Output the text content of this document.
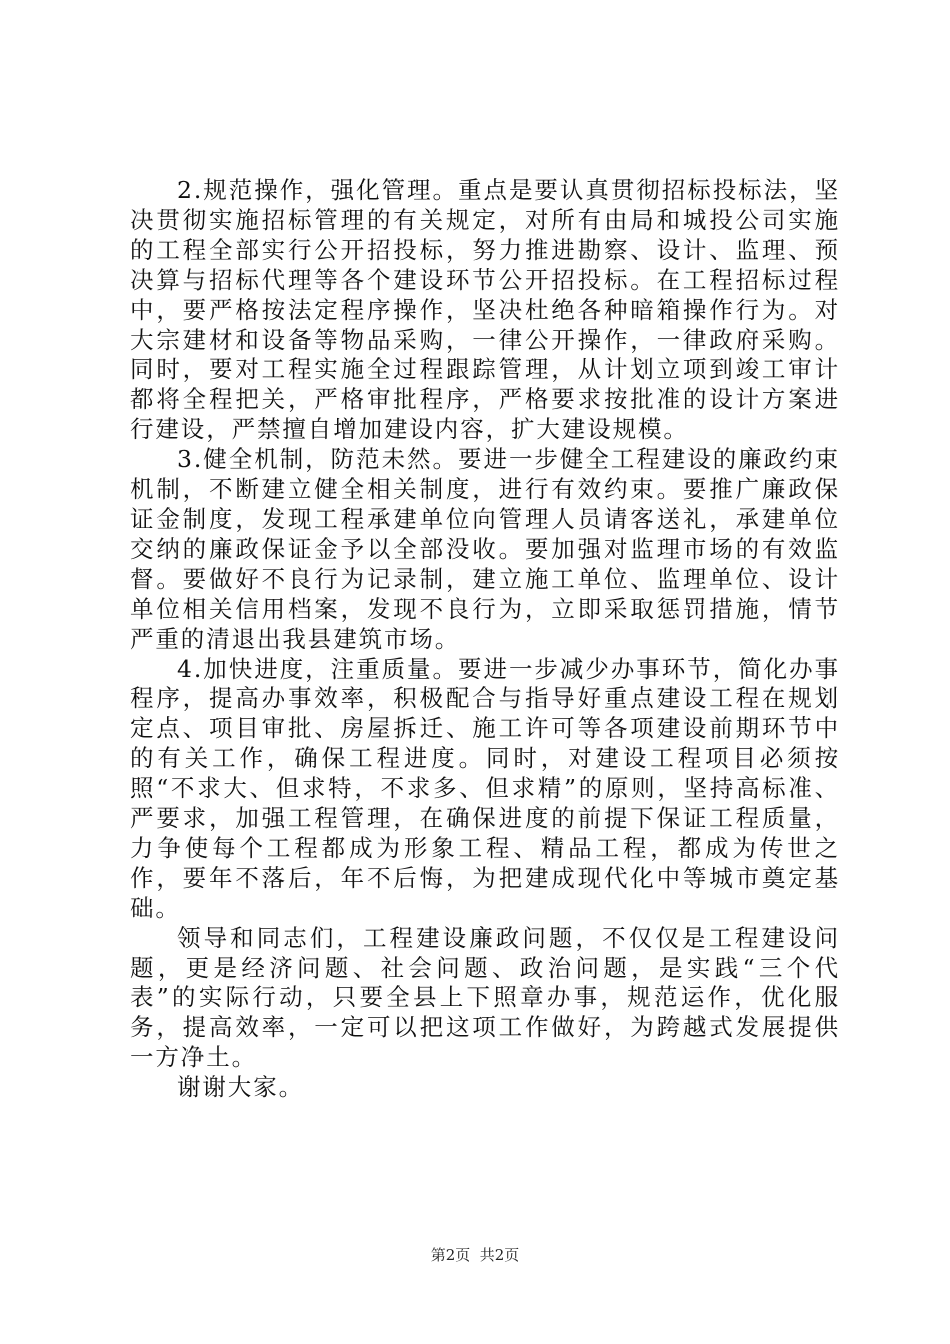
2.规范操作，强化管理。重点是要认真贯彻招标投标法，坚决贯彻实施招标管理的有关规定，对所有由局和城投公司实施的工程全部实行公开招投标，努力推进勘察、设计、监理、预决算与招标代理等各个建设环节公开招投标。在工程招标过程中，要严格按法定程序操作，坚决杜绝各种暗箱操作行为。对大宗建材和设备等物品采购，一律公开操作，一律政府采购。同时，要对工程实施全过程跟踪管理，从计划立项到竣工审计都将全程把关，严格审批程序，严格要求按批准的设计方案进行建设，严禁擅自增加建设内容，扩大建设规模。

3.健全机制，防范未然。要进一步健全工程建设的廉政约束机制，不断建立健全相关制度，进行有效约束。要推广廉政保证金制度，发现工程承建单位向管理人员请客送礼，承建单位交纳的廉政保证金予以全部没收。要加强对监理市场的有效监督。要做好不良行为记录制，建立施工单位、监理单位、设计单位相关信用档案，发现不良行为，立即采取惩罚措施，情节严重的清退出我县建筑市场。

4.加快进度，注重质量。要进一步减少办事环节，简化办事程序，提高办事效率，积极配合与指导好重点建设工程在规划定点、项目审批、房屋拆迁、施工许可等各项建设前期环节中的有关工作，确保工程进度。同时，对建设工程项目必须按照“不求大、但求特，不求多、但求精”的原则，坚持高标准、严要求，加强工程管理，在确保进度的前提下保证工程质量，力争使每个工程都成为形象工程、精品工程，都成为传世之作，要年不落后，年不后悔，为把建成现代化中等城市奠定基础。

领导和同志们，工程建设廉政问题，不仅仅是工程建设问题，更是经济问题、社会问题、政治问题，是实践“三个代表”的实际行动，只要全县上下照章办事，规范运作，优化服务，提高效率，一定可以把这项工作做好，为跨越式发展提供一方净土。

谢谢大家。

第2页  共2页
